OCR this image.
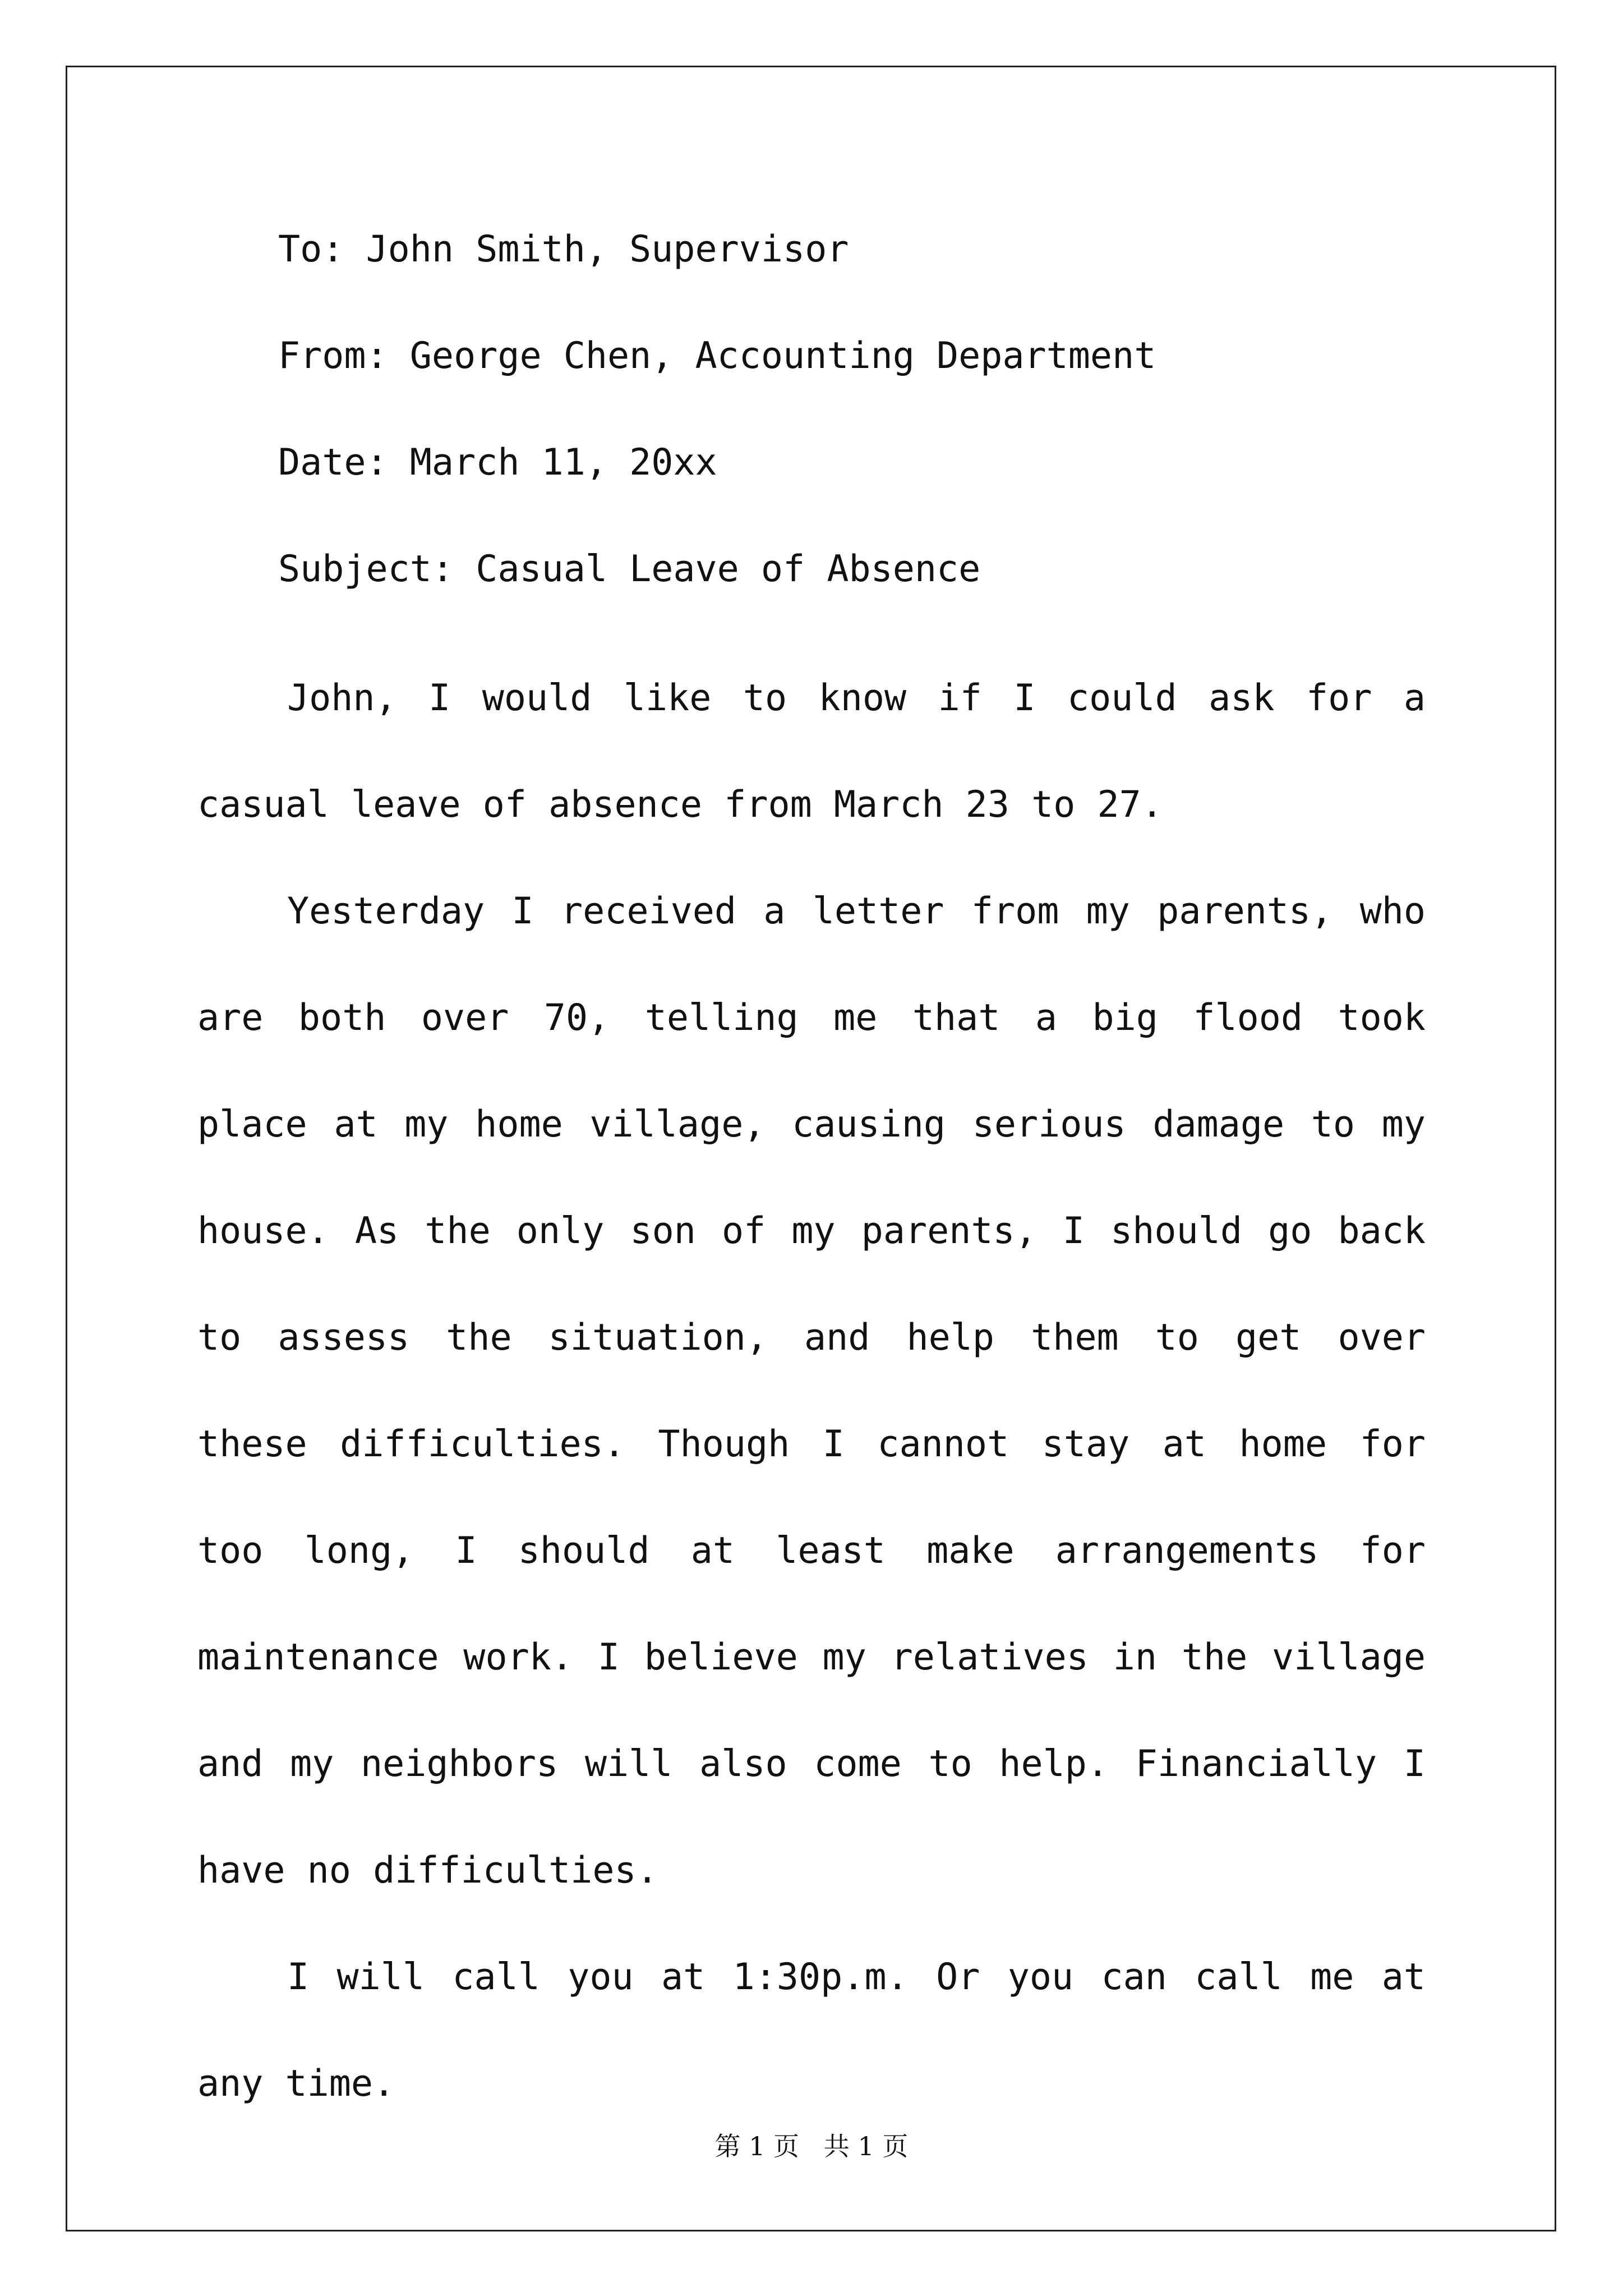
To: John Smith, Supervisor

From: George Chen, Accounting Department

Date: March 11, 20xx

Subject: Casual Leave of Absence

John, I would like to know if I could ask for a casual leave of absence from March 23 to 27.

Yesterday I received a letter from my parents, who are both over 70, telling me that a big flood took place at my home village, causing serious damage to my house. As the only son of my parents, I should go back to assess the situation, and help them to get over these difficulties. Though I cannot stay at home for too long, I should at least make arrangements for maintenance work. I believe my relatives in the village and my neighbors will also come to help. Financially I have no difficulties.

I will call you at 1:30p.m. Or you can call me at any time.

第 1 页   共 1 页
